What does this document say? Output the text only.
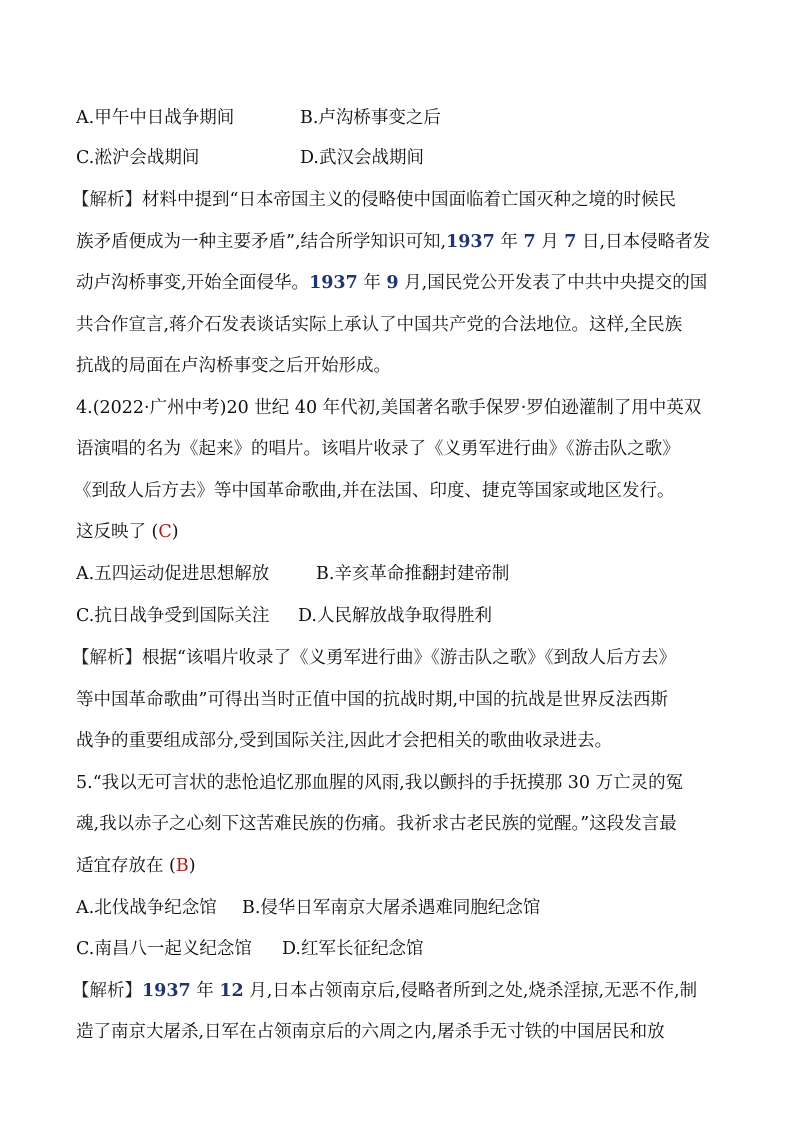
A.甲午中日战争期间	B.卢沟桥事变之后
C.淞沪会战期间	D.武汉会战期间
【解析】材料中提到“日本帝国主义的侵略使中国面临着亡国灭种之境的时候民
族矛盾便成为一种主要矛盾”,结合所学知识可知,1937 年 7 月 7 日,日本侵略者发
动卢沟桥事变,开始全面侵华。1937 年 9 月,国民党公开发表了中共中央提交的国
共合作宣言,蒋介石发表谈话实际上承认了中国共产党的合法地位。这样,全民族
抗战的局面在卢沟桥事变之后开始形成。
4.(2022·广州中考)20 世纪 40 年代初,美国著名歌手保罗·罗伯逊灌制了用中英双
语演唱的名为《起来》的唱片。该唱片收录了《义勇军进行曲》《游击队之歌》
《到敌人后方去》等中国革命歌曲,并在法国、印度、捷克等国家或地区发行。
这反映了 (C)
A.五四运动促进思想解放	B.辛亥革命推翻封建帝制
C.抗日战争受到国际关注 D.人民解放战争取得胜利
【解析】根据“该唱片收录了《义勇军进行曲》《游击队之歌》《到敌人后方去》
等中国革命歌曲”可得出当时正值中国的抗战时期,中国的抗战是世界反法西斯
战争的重要组成部分,受到国际关注,因此才会把相关的歌曲收录进去。
5.“我以无可言状的悲怆追忆那血腥的风雨,我以颤抖的手抚摸那 30 万亡灵的冤
魂,我以赤子之心刻下这苦难民族的伤痛。我祈求古老民族的觉醒。”这段发言最
适宜存放在 (B)
A.北伐战争纪念馆 B.侵华日军南京大屠杀遇难同胞纪念馆
C.南昌八一起义纪念馆 D.红军长征纪念馆
【解析】1937 年 12 月,日本占领南京后,侵略者所到之处,烧杀淫掠,无恶不作,制
造了南京大屠杀,日军在占领南京后的六周之内,屠杀手无寸铁的中国居民和放
